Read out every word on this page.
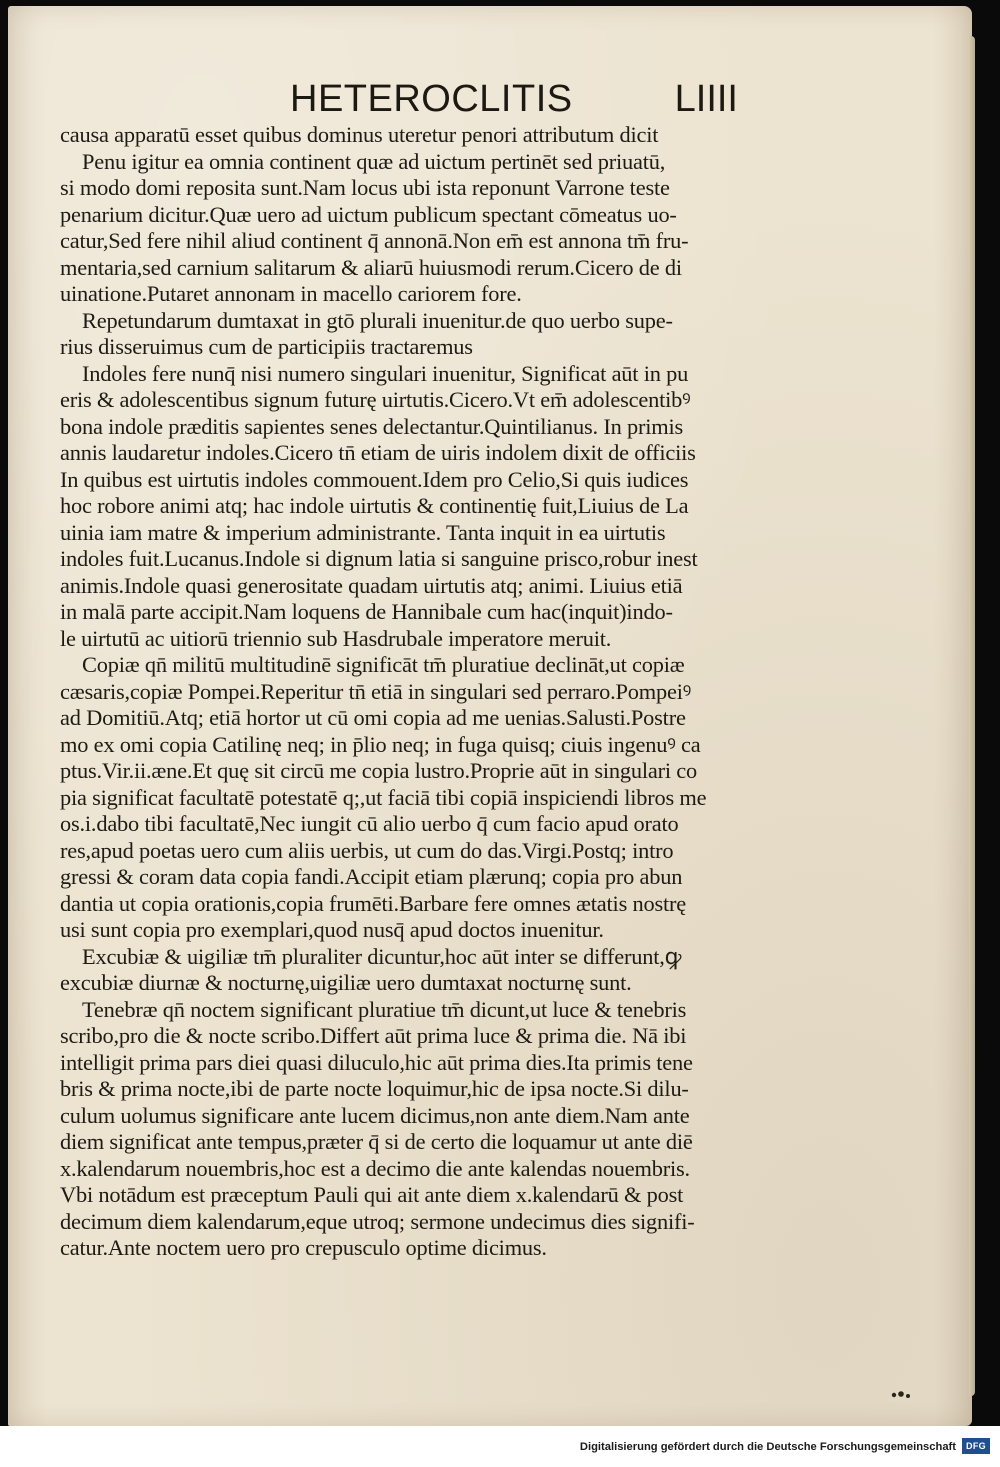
HETEROCLITIS	LIIII
causa apparatū esset quibus dominus uteretur penori attributum dicit
Penu igitur ea omnia continent quæ ad uictum pertinēt sed priuatū,
si modo domi reposita sunt.Nam locus ubi ista reponunt Varrone teste
penarium dicitur.Quæ uero ad uictum publicum spectant cōmeatus uo-
catur,Sed fere nihil aliud continent q̄ annonā.Non em̄ est annona tm̄ fru-
mentaria,sed carnium salitarum & aliarū huiusmodi rerum.Cicero de di
uinatione.Putaret annonam in macello cariorem fore.
Repetundarum dumtaxat in gtō plurali inuenitur.de quo uerbo supe-
rius disseruimus cum de participiis tractaremus
Indoles fere nunq̄ nisi numero singulari inuenitur, Significat aūt in pu
eris & adolescentibus signum futurę uirtutis.Cicero.Vt em̄ adolescentibꝰ
bona indole præditis sapientes senes delectantur.Quintilianus. In primis
annis laudaretur indoles.Cicero tn̄ etiam de uiris indolem dixit de officiis
In quibus est uirtutis indoles commouent.Idem pro Celio,Si quis iudices
hoc robore animi atq; hac indole uirtutis & continentię fuit,Liuius de La
uinia iam matre & imperium administrante. Tanta inquit in ea uirtutis
indoles fuit.Lucanus.Indole si dignum latia si sanguine prisco,robur inest
animis.Indole quasi generositate quadam uirtutis atq; animi. Liuius etiā
in malā parte accipit.Nam loquens de Hannibale cum hac(inquit)indo-
le uirtutū ac uitiorū triennio sub Hasdrubale imperatore meruit.
Copiæ qn̄ militū multitudinē significāt tm̄ pluratiue declināt,ut copiæ
cæsaris,copiæ Pompei.Reperitur tn̄ etiā in singulari sed perraro.Pompeiꝰ
ad Domitiū.Atq; etiā hortor ut cū omi copia ad me uenias.Salusti.Postre
mo ex omi copia Catilinę neq; in p̄lio neq; in fuga quisq; ciuis ingenuꝰ ca
ptus.Vir.ii.æne.Et quę sit circū me copia lustro.Proprie aūt in singulari co
pia significat facultatē potestatē q;,ut faciā tibi copiā inspiciendi libros me
os.i.dabo tibi facultatē,Nec iungit cū alio uerbo q̄ cum facio apud orato
res,apud poetas uero cum aliis uerbis, ut cum do das.Virgi.Postq; intro
gressi & coram data copia fandi.Accipit etiam plærunq; copia pro abun
dantia ut copia orationis,copia frumēti.Barbare fere omnes ætatis nostrę
usi sunt copia pro exemplari,quod nusq̄ apud doctos inuenitur.
Excubiæ & uigiliæ tm̄ pluraliter dicuntur,hoc aūt inter se differunt,ꝙ
excubiæ diurnæ & nocturnę,uigiliæ uero dumtaxat nocturnę sunt.
Tenebræ qn̄ noctem significant pluratiue tm̄ dicunt,ut luce & tenebris
scribo,pro die & nocte scribo.Differt aūt prima luce & prima die. Nā ibi
intelligit prima pars diei quasi diluculo,hic aūt prima dies.Ita primis tene
bris & prima nocte,ibi de parte nocte loquimur,hic de ipsa nocte.Si dilu-
culum uolumus significare ante lucem dicimus,non ante diem.Nam ante
diem significat ante tempus,præter q̄ si de certo die loquamur ut ante diē
x.kalendarum nouembris,hoc est a decimo die ante kalendas nouembris.
Vbi notādum est præceptum Pauli qui ait ante diem x.kalendarū & post
decimum diem kalendarum,eque utroq; sermone undecimus dies signifi-
catur.Ante noctem uero pro crepusculo optime dicimus.
Digitalisierung gefördert durch die Deutsche Forschungsgemeinschaft	DFG
